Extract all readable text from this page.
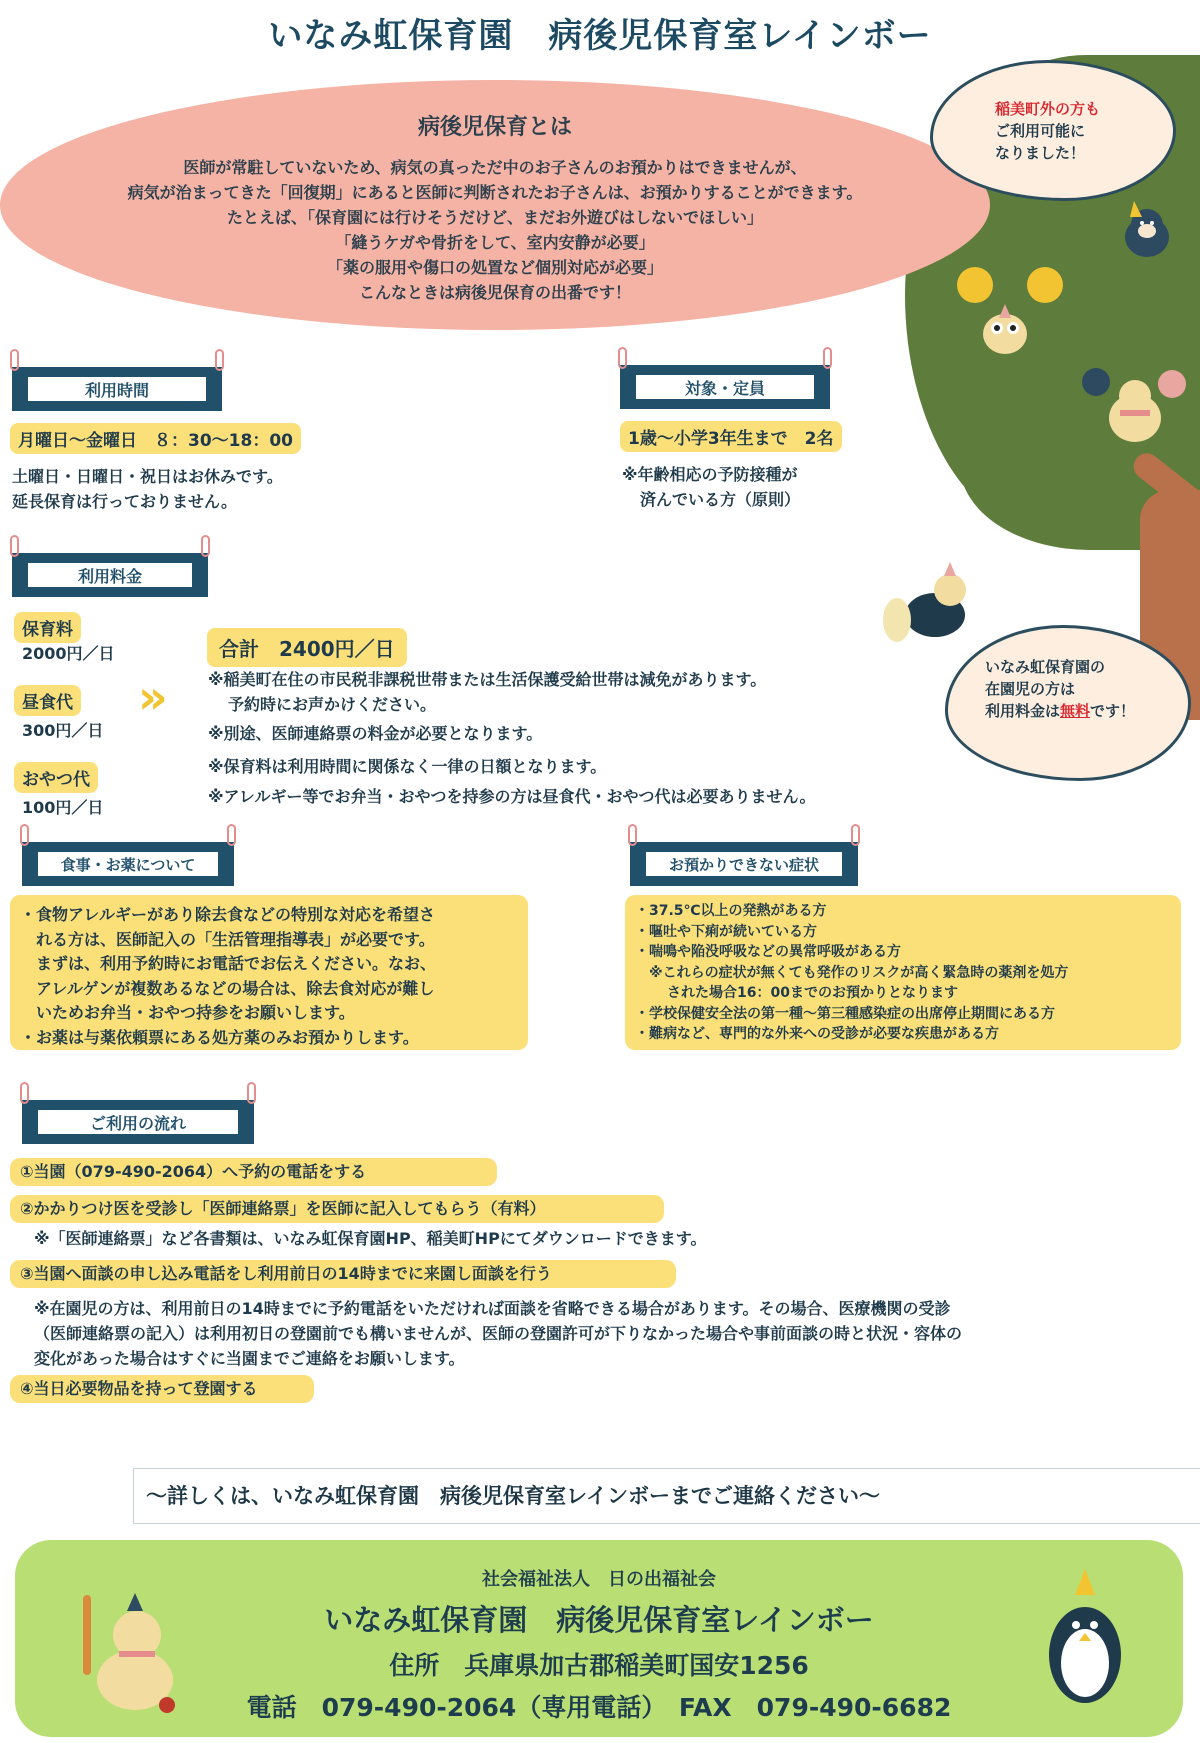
いなみ虹保育園　病後児保育室レインボー
病後児保育とは
医師が常駐していないため、病気の真っただ中のお子さんのお預かりはできませんが、
病気が治まってきた「回復期」にあると医師に判断されたお子さんは、お預かりすることができます。
たとえば、「保育園には行けそうだけど、まだお外遊びはしないでほしい」
「縫うケガや骨折をして、室内安静が必要」
「薬の服用や傷口の処置など個別対応が必要」
こんなときは病後児保育の出番です！
稲美町外の方も
ご利用可能に
なりました！
いなみ虹保育園の
在園児の方は
利用料金は無料です！
利用時間
月曜日～金曜日　８：30～18：00
土曜日・日曜日・祝日はお休みです。
延長保育は行っておりません。
対象・定員
1歳～小学3年生まで　2名
※年齢相応の予防接種が
済んでいる方（原則）
利用料金
保育料
2000円／日
昼食代
300円／日
おやつ代
100円／日
»
合計　2400円／日
※稲美町在住の市民税非課税世帯または生活保護受給世帯は減免があります。
予約時にお声かけください。
※別途、医師連絡票の料金が必要となります。
※保育料は利用時間に関係なく一律の日額となります。
※アレルギー等でお弁当・おやつを持参の方は昼食代・おやつ代は必要ありません。
食事・お薬について
・食物アレルギーがあり除去食などの特別な対応を希望さ
れる方は、医師記入の「生活管理指導表」が必要です。
まずは、利用予約時にお電話でお伝えください。なお、
アレルゲンが複数あるなどの場合は、除去食対応が難し
いためお弁当・おやつ持参をお願いします。
・お薬は与薬依頼票にある処方薬のみお預かりします。
お預かりできない症状
・37.5℃以上の発熱がある方
・嘔吐や下痢が続いている方
・喘鳴や陥没呼吸などの異常呼吸がある方
※これらの症状が無くても発作のリスクが高く緊急時の薬剤を処方
された場合16：00までのお預かりとなります
・学校保健安全法の第一種～第三種感染症の出席停止期間にある方
・難病など、専門的な外来への受診が必要な疾患がある方
ご利用の流れ
①当園（079-490-2064）へ予約の電話をする
②かかりつけ医を受診し「医師連絡票」を医師に記入してもらう（有料）
※「医師連絡票」など各書類は、いなみ虹保育園HP、稲美町HPにてダウンロードできます。
③当園へ面談の申し込み電話をし利用前日の14時までに来園し面談を行う
※在園児の方は、利用前日の14時までに予約電話をいただければ面談を省略できる場合があります。その場合、医療機関の受診
（医師連絡票の記入）は利用初日の登園前でも構いませんが、医師の登園許可が下りなかった場合や事前面談の時と状況・容体の
変化があった場合はすぐに当園までご連絡をお願いします。
④当日必要物品を持って登園する
～詳しくは、いなみ虹保育園　病後児保育室レインボーまでご連絡ください～
社会福祉法人　日の出福祉会
いなみ虹保育園　病後児保育室レインボー
住所　兵庫県加古郡稲美町国安1256
電話　079-490-2064（専用電話）　FAX　079-490-6682
